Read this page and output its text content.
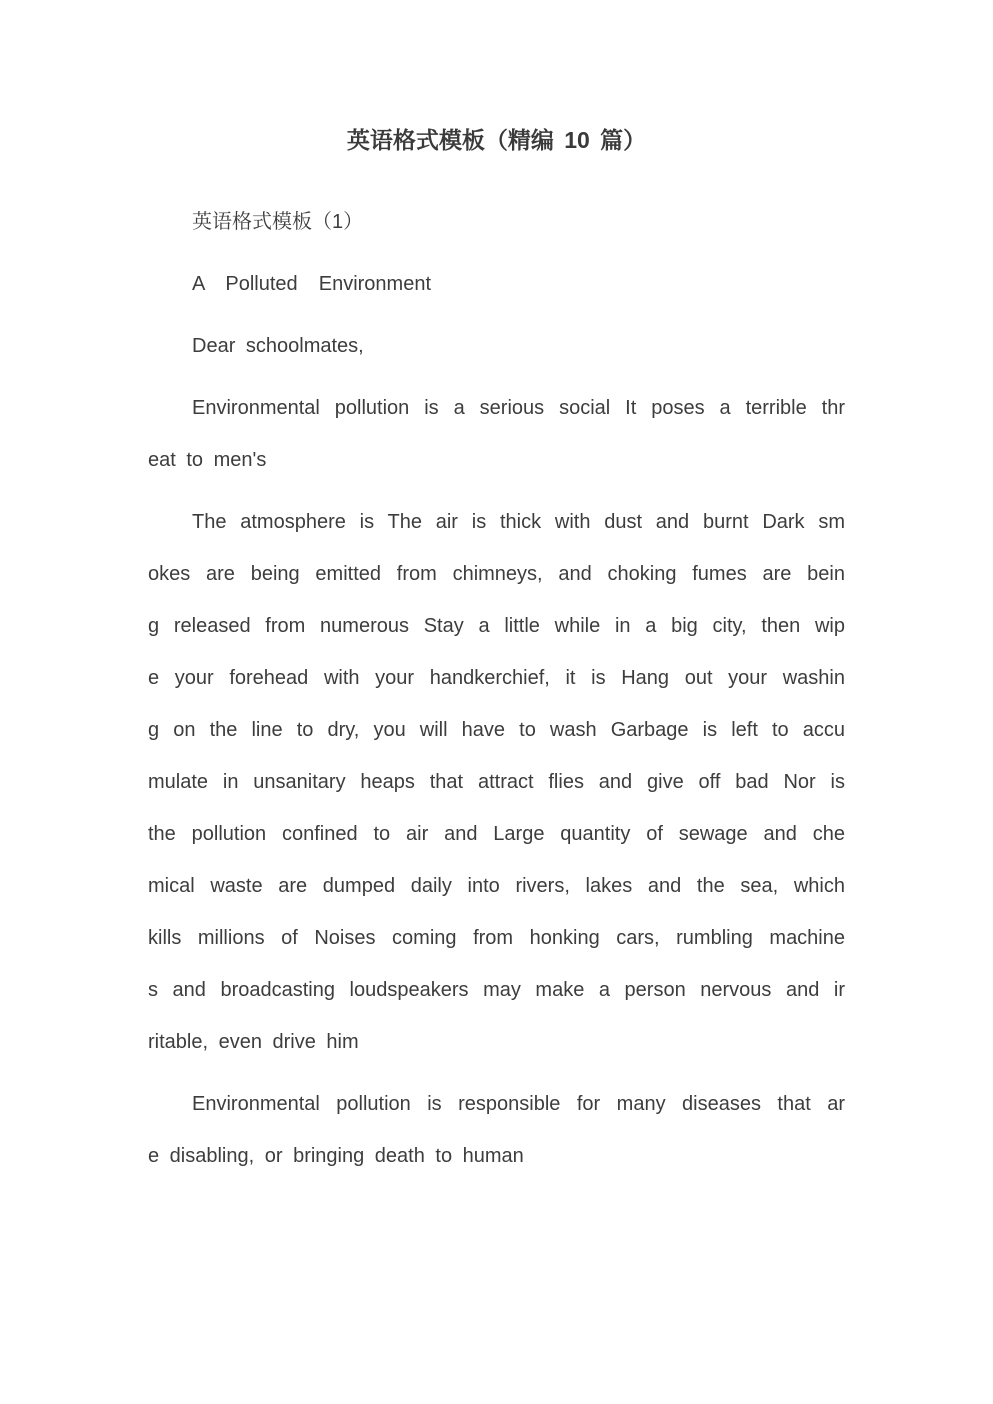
英语格式模板（精编 10 篇）
英语格式模板（1）
A  Polluted  Environment
Dear schoolmates,
Environmental pollution is a serious social It poses a terrible thr
eat to men's
The atmosphere is The air is thick with dust and burnt Dark sm
okes are being emitted from chimneys, and choking fumes are bein
g released from numerous Stay a little while in a big city, then wip
e your forehead with your handkerchief, it is Hang out your washin
g on the line to dry, you will have to wash Garbage is left to accu
mulate in unsanitary heaps that attract flies and give off bad Nor is
the pollution confined to air and Large quantity of sewage and che
mical waste are dumped daily into rivers, lakes and the sea, which
kills millions of Noises coming from honking cars, rumbling machine
s and broadcasting loudspeakers may make a person nervous and ir
ritable, even drive him
Environmental pollution is responsible for many diseases that ar
e disabling, or bringing death to human
